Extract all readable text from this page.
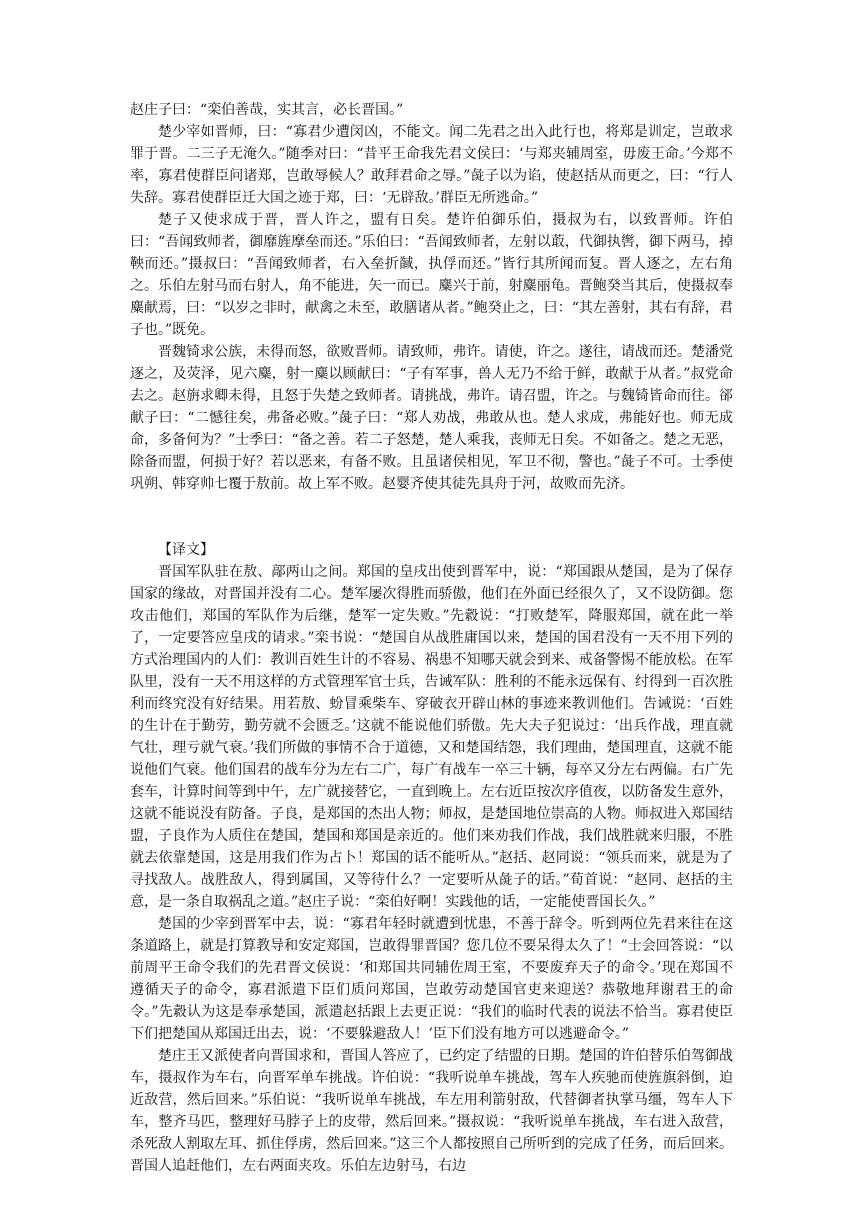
赵庄子曰：“栾伯善哉，实其言，必长晋国。”

楚少宰如晋师，曰：“寡君少遭闵凶，不能文。闻二先君之出入此行也，将郑是训定，岂敢求罪于晋。二三子无淹久。”随季对曰：“昔平王命我先君文侯曰：‘与郑夹辅周室，毋废王命。’今郑不率，寡君使群臣问诸郑，岂敢辱候人？敢拜君命之辱。”彘子以为谄，使赵括从而更之，曰：“行人失辞。寡君使群臣迁大国之迹于郑，曰：‘无辟敌。’群臣无所逃命。”

楚子又使求成于晋，晋人许之，盟有日矣。楚许伯御乐伯，摄叔为右，以致晋师。许伯曰：“吾闻致师者，御靡旌摩垒而还。”乐伯曰：“吾闻致师者，左射以菆，代御执辔，御下两马，掉鞅而还。”摄叔曰：“吾闻致师者，右入垒折馘，执俘而还。”皆行其所闻而复。晋人逐之，左右角之。乐伯左射马而右射人，角不能进，矢一而已。麋兴于前，射麋丽龟。晋鲍癸当其后，使摄叔奉麋献焉，曰：“以岁之非时，献禽之未至，敢膳诸从者。”鲍癸止之，曰：“其左善射，其右有辞，君子也。”既免。

晋魏锜求公族，未得而怒，欲败晋师。请致师，弗许。请使，许之。遂往，请战而还。楚潘党逐之，及荧泽，见六麋，射一麋以顾献曰：“子有军事，兽人无乃不给于鲜，敢献于从者。”叔党命去之。赵旃求卿未得，且怒于失楚之致师者。请挑战，弗许。请召盟，许之。与魏锜皆命而往。郤献子曰：“二憾往矣，弗备必败。”彘子曰：“郑人劝战，弗敢从也。楚人求成，弗能好也。师无成命，多备何为？”士季曰：“备之善。若二子怒楚，楚人乘我，丧师无日矣。不如备之。楚之无恶，除备而盟，何损于好？若以恶来，有备不败。且虽诸侯相见，军卫不彻，警也。”彘子不可。士季使巩朔、韩穿帅七覆于敖前。故上军不败。赵婴齐使其徒先具舟于河，故败而先济。

【译文】

晋国军队驻在敖、鄗两山之间。郑国的皇戌出使到晋军中，说：“郑国跟从楚国，是为了保存国家的缘故，对晋国并没有二心。楚军屡次得胜而骄傲，他们在外面已经很久了，又不设防御。您攻击他们，郑国的军队作为后继，楚军一定失败。”先縠说：“打败楚军，降服郑国，就在此一举了，一定要答应皇戌的请求。”栾书说：“楚国自从战胜庸国以来，楚国的国君没有一天不用下列的方式治理国内的人们：教训百姓生计的不容易、祸患不知哪天就会到来、戒备警惕不能放松。在军队里，没有一天不用这样的方式管理军官士兵，告诫军队：胜利的不能永远保有、纣得到一百次胜利而终究没有好结果。用若敖、蚡冒乘柴车、穿破衣开辟山林的事迹来教训他们。告诫说：‘百姓的生计在于勤劳，勤劳就不会匮乏。’这就不能说他们骄傲。先大夫子犯说过：‘出兵作战，理直就气壮，理亏就气衰。’我们所做的事情不合于道德，又和楚国结怨，我们理曲，楚国理直，这就不能说他们气衰。他们国君的战车分为左右二广，每广有战车一卒三十辆，每卒又分左右两偏。右广先套车，计算时间等到中午，左广就接替它，一直到晚上。左右近臣按次序值夜，以防备发生意外，这就不能说没有防备。子良，是郑国的杰出人物；师叔，是楚国地位崇高的人物。师叔进入郑国结盟，子良作为人质住在楚国，楚国和郑国是亲近的。他们来劝我们作战，我们战胜就来归服，不胜就去依靠楚国，这是用我们作为占卜！郑国的话不能听从。”赵括、赵同说：“领兵而来，就是为了寻找敌人。战胜敌人，得到属国，又等待什么？一定要听从彘子的话。”荀首说：“赵同、赵括的主意，是一条自取祸乱之道。”赵庄子说：“栾伯好啊！实践他的话，一定能使晋国长久。”

楚国的少宰到晋军中去，说：“寡君年轻时就遭到忧患，不善于辞令。听到两位先君来往在这条道路上，就是打算教导和安定郑国，岂敢得罪晋国？您几位不要呆得太久了！”士会回答说：“以前周平王命令我们的先君晋文侯说：‘和郑国共同辅佐周王室，不要废弃天子的命令。’现在郑国不遵循天子的命令，寡君派遣下臣们质问郑国，岂敢劳动楚国官吏来迎送？恭敬地拜谢君王的命令。”先縠认为这是奉承楚国，派遣赵括跟上去更正说：“我们的临时代表的说法不恰当。寡君使臣下们把楚国从郑国迁出去，说：‘不要躲避敌人！’臣下们没有地方可以逃避命令。”

楚庄王又派使者向晋国求和，晋国人答应了，已约定了结盟的日期。楚国的许伯替乐伯驾御战车，摄叔作为车右，向晋军单车挑战。许伯说：“我听说单车挑战，驾车人疾驰而使旌旗斜倒，迫近敌营，然后回来。”乐伯说：“我听说单车挑战，车左用利箭射敌，代替御者执掌马缰，驾车人下车，整齐马匹，整理好马脖子上的皮带，然后回来。”摄叔说：“我听说单车挑战，车右进入敌营，杀死敌人割取左耳、抓住俘虏，然后回来。”这三个人都按照自己所听到的完成了任务，而后回来。晋国人追赶他们，左右两面夹攻。乐伯左边射马，右边
